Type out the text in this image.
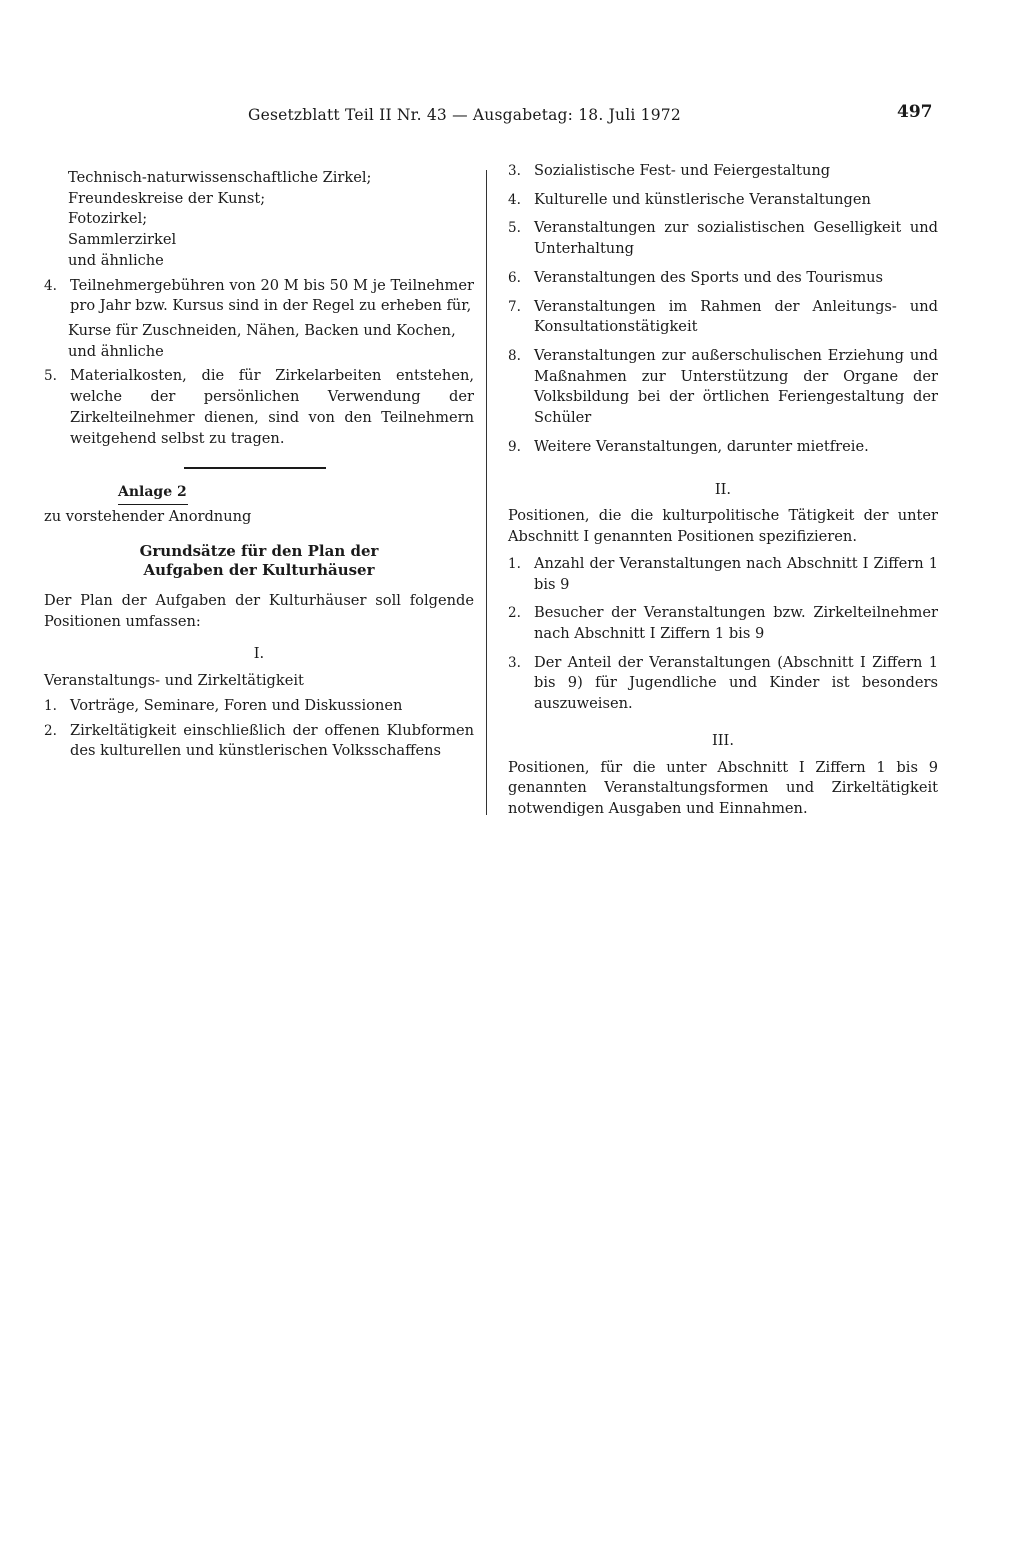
Gesetzblatt Teil II Nr. 43 — Ausgabetag: 18. Juli 1972	497

Technisch-naturwissenschaftliche Zirkel;

Freundeskreise der Kunst;

Fotozirkel;

Sammlerzirkel

und ähnliche

4. Teilnehmergebühren von 20 M bis 50 M je Teilnehmer pro Jahr bzw. Kursus sind in der Regel zu erheben für,

Kurse für Zuschneiden, Nähen, Backen und Kochen,

und ähnliche

5. Materialkosten, die für Zirkelarbeiten entstehen, welche der persönlichen Verwendung der Zirkelteilnehmer dienen, sind von den Teilnehmern weitgehend selbst zu tragen.

Anlage 2

zu vorstehender Anordnung

Grundsätze für den Plan der Aufgaben der Kulturhäuser

Der Plan der Aufgaben der Kulturhäuser soll folgende Positionen umfassen:

I.

Veranstaltungs- und Zirkeltätigkeit

1. Vorträge, Seminare, Foren und Diskussionen
2. Zirkeltätigkeit einschließlich der offenen Klubformen des kulturellen und künstlerischen Volksschaffens
3. Sozialistische Fest- und Feiergestaltung
4. Kulturelle und künstlerische Veranstaltungen
5. Veranstaltungen zur sozialistischen Geselligkeit und Unterhaltung
6. Veranstaltungen des Sports und des Tourismus
7. Veranstaltungen im Rahmen der Anleitungs- und Konsultationstätigkeit
8. Veranstaltungen zur außerschulischen Erziehung und Maßnahmen zur Unterstützung der Organe der Volksbildung bei der örtlichen Feriengestaltung der Schüler
9. Weitere Veranstaltungen, darunter mietfreie.
II.

Positionen, die die kulturpolitische Tätigkeit der unter Abschnitt I genannten Positionen spezifizieren.

1. Anzahl der Veranstaltungen nach Abschnitt I Ziffern 1 bis 9
2. Besucher der Veranstaltungen bzw. Zirkelteilnehmer nach Abschnitt I Ziffern 1 bis 9
3. Der Anteil der Veranstaltungen (Abschnitt I Ziffern 1 bis 9) für Jugendliche und Kinder ist besonders auszuweisen.
III.

Positionen, für die unter Abschnitt I Ziffern 1 bis 9 genannten Veranstaltungsformen und Zirkeltätigkeit notwendigen Ausgaben und Einnahmen.
